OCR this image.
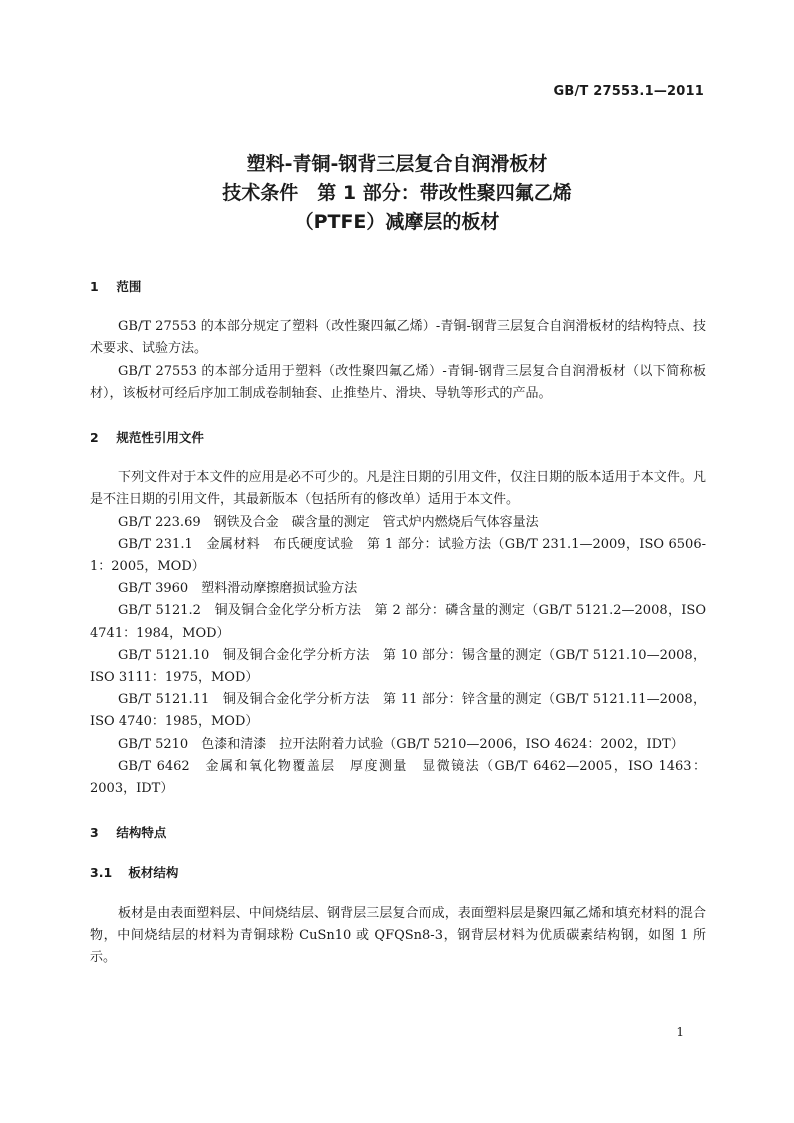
GB/T 27553.1—2011
塑料-青铜-钢背三层复合自润滑板材
技术条件　第 1 部分：带改性聚四氟乙烯
（PTFE）减摩层的板材
1 范围

GB/T 27553 的本部分规定了塑料（改性聚四氟乙烯）-青铜-钢背三层复合自润滑板材的结构特点、技术要求、试验方法。

GB/T 27553 的本部分适用于塑料（改性聚四氟乙烯）-青铜-钢背三层复合自润滑板材（以下简称板材），该板材可经后序加工制成卷制轴套、止推垫片、滑块、导轨等形式的产品。

2 规范性引用文件

下列文件对于本文件的应用是必不可少的。凡是注日期的引用文件，仅注日期的版本适用于本文件。凡是不注日期的引用文件，其最新版本（包括所有的修改单）适用于本文件。

GB/T 223.69　钢铁及合金　碳含量的测定　管式炉内燃烧后气体容量法

GB/T 231.1　金属材料　布氏硬度试验　第 1 部分：试验方法（GB/T 231.1—2009，ISO 6506-1：2005，MOD）

GB/T 3960　塑料滑动摩擦磨损试验方法

GB/T 5121.2　铜及铜合金化学分析方法　第 2 部分：磷含量的测定（GB/T 5121.2—2008，ISO 4741：1984，MOD）

GB/T 5121.10　铜及铜合金化学分析方法　第 10 部分：锡含量的测定（GB/T 5121.10—2008，ISO 3111：1975，MOD）

GB/T 5121.11　铜及铜合金化学分析方法　第 11 部分：锌含量的测定（GB/T 5121.11—2008，ISO 4740：1985，MOD）

GB/T 5210　色漆和清漆　拉开法附着力试验（GB/T 5210—2006，ISO 4624：2002，IDT）

GB/T 6462　金属和氧化物覆盖层　厚度测量　显微镜法（GB/T 6462—2005，ISO 1463：2003，IDT）

3 结构特点
3.1 板材结构

板材是由表面塑料层、中间烧结层、钢背层三层复合而成，表面塑料层是聚四氟乙烯和填充材料的混合物，中间烧结层的材料为青铜球粉 CuSn10 或 QFQSn8-3，钢背层材料为优质碳素结构钢，如图 1 所示。

1
